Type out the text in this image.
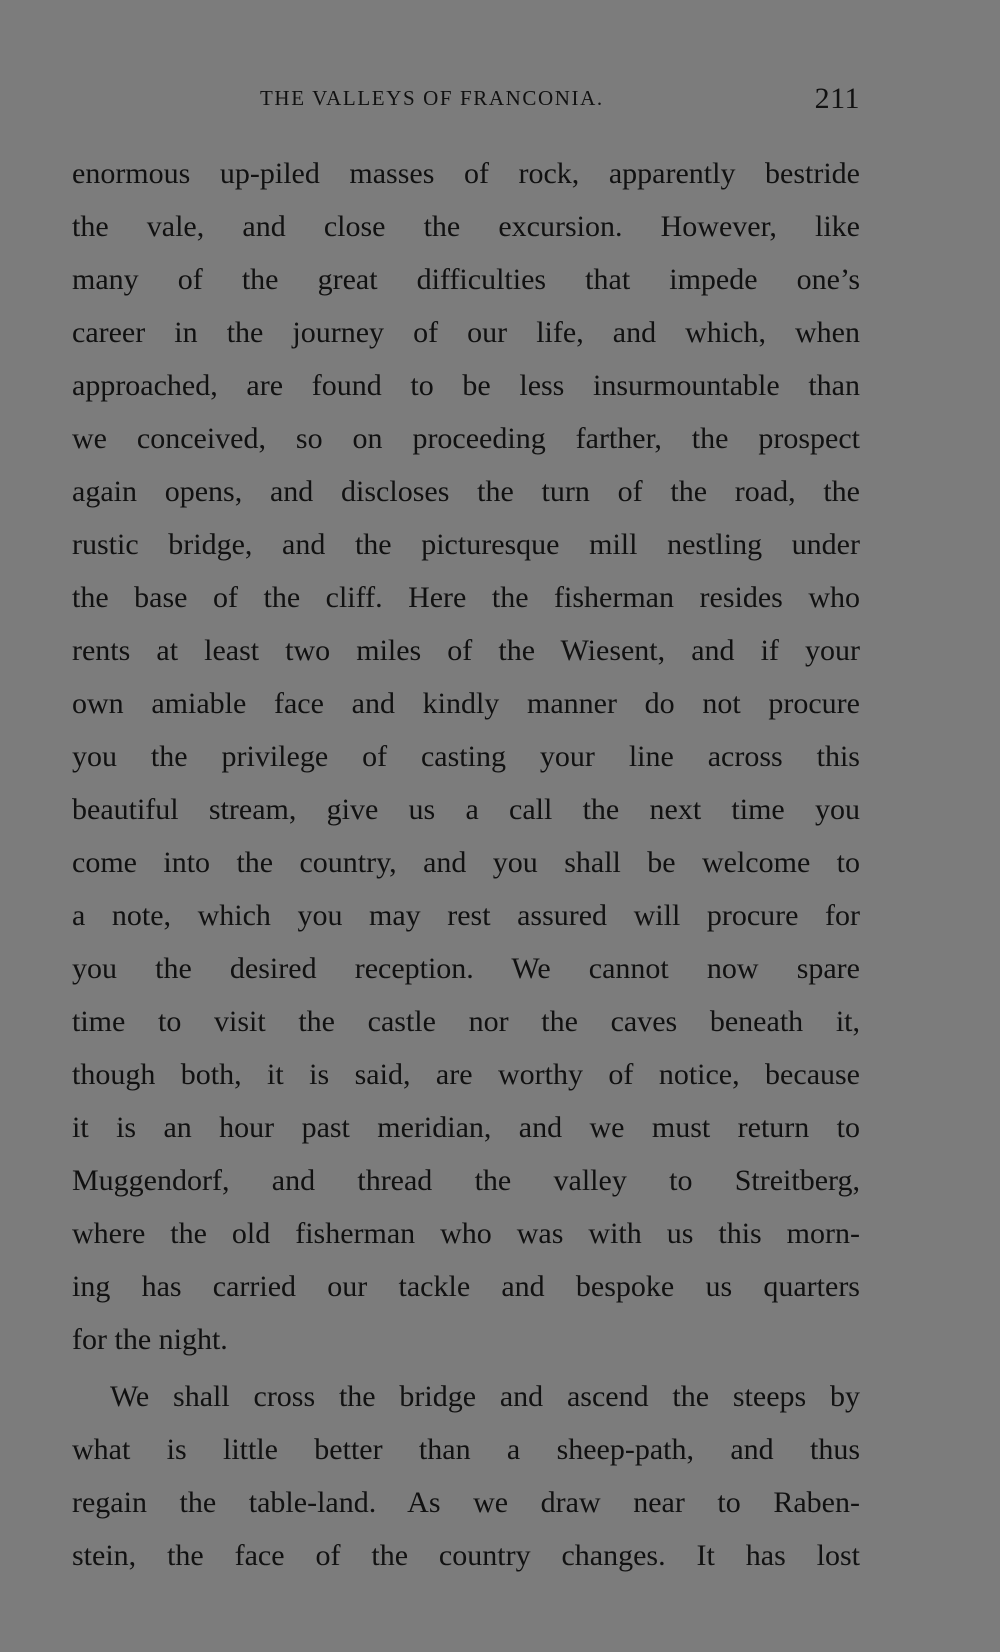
THE VALLEYS OF FRANCONIA.	211
enormous up-piled masses of rock, apparently bestride
the vale, and close the excursion. However, like
many of the great difficulties that impede one’s
career in the journey of our life, and which, when
approached, are found to be less insurmountable than
we conceived, so on proceeding farther, the prospect
again opens, and discloses the turn of the road, the
rustic bridge, and the picturesque mill nestling under
the base of the cliff. Here the fisherman resides who
rents at least two miles of the Wiesent, and if your
own amiable face and kindly manner do not procure
you the privilege of casting your line across this
beautiful stream, give us a call the next time you
come into the country, and you shall be welcome to
a note, which you may rest assured will procure for
you the desired reception. We cannot now spare
time to visit the castle nor the caves beneath it,
though both, it is said, are worthy of notice, because
it is an hour past meridian, and we must return to
Muggendorf, and thread the valley to Streitberg,
where the old fisherman who was with us this morn-
ing has carried our tackle and bespoke us quarters
for the night.
We shall cross the bridge and ascend the steeps by
what is little better than a sheep-path, and thus
regain the table-land. As we draw near to Raben-
stein, the face of the country changes. It has lost
